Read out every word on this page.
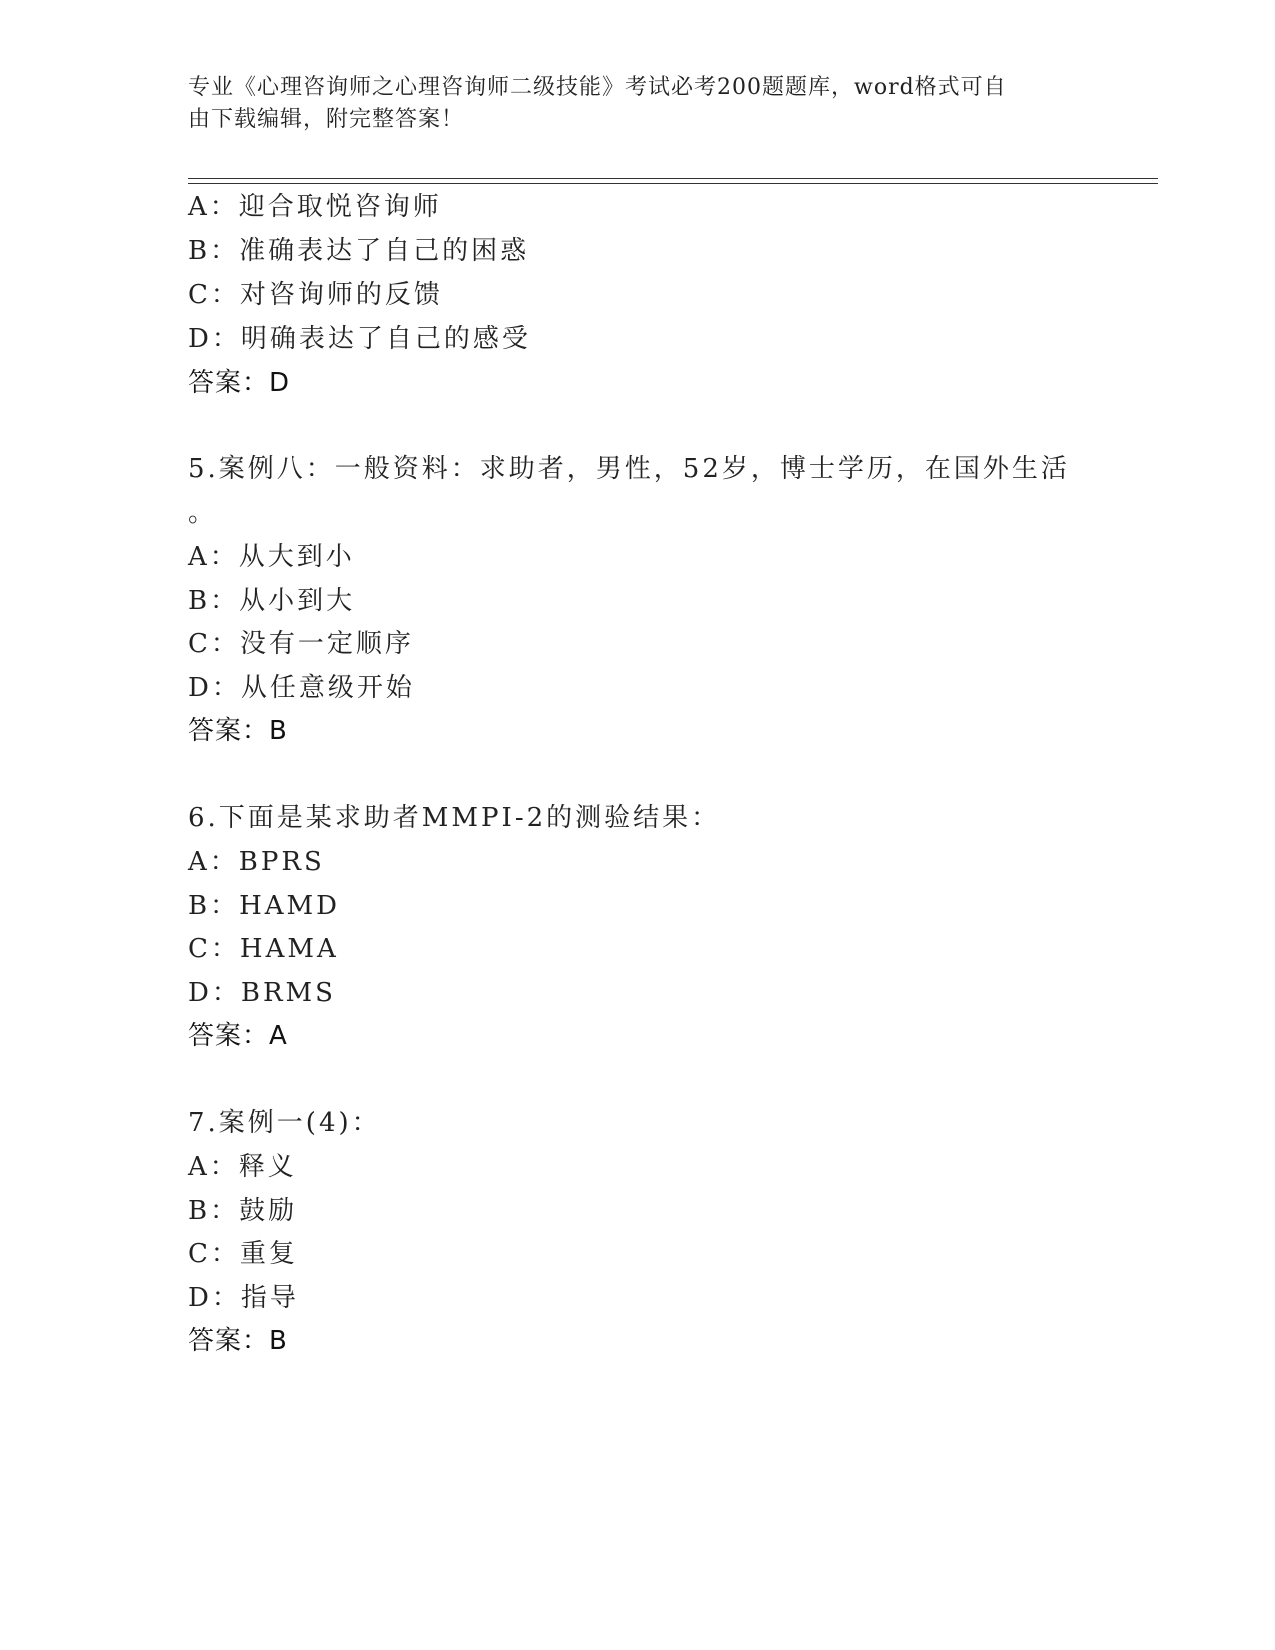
专业《心理咨询师之心理咨询师二级技能》考试必考200题题库，word格式可自
由下载编辑，附完整答案！
A：迎合取悦咨询师
B：准确表达了自己的困惑
C：对咨询师的反馈
D：明确表达了自己的感受
答案：D
5.案例八：一般资料：求助者，男性，52岁，博士学历，在国外生活
。
A：从大到小
B：从小到大
C：没有一定顺序
D：从任意级开始
答案：B
6.下面是某求助者MMPI-2的测验结果：
A：BPRS
B：HAMD
C：HAMA
D：BRMS
答案：A
7.案例一(4)：
A：释义
B：鼓励
C：重复
D：指导
答案：B
